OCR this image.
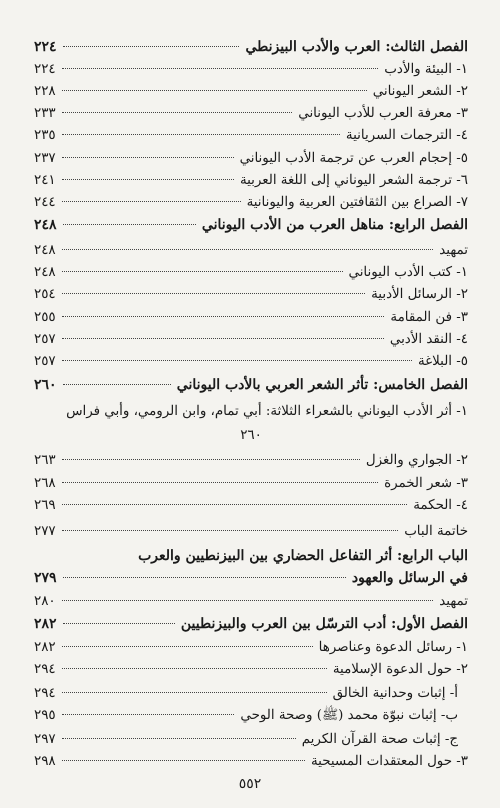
الفصل الثالث: العرب والأدب البيزنطي
٢٢٤
١- البيئة والأدب
٢٢٤
٢- الشعر اليوناني
٢٢٨
٣- معرفة العرب للأدب اليوناني
٢٣٣
٤- الترجمات السريانية
٢٣٥
٥- إحجام العرب عن ترجمة الأدب اليوناني
٢٣٧
٦- ترجمة الشعر اليوناني إلى اللغة العربية
٢٤١
٧- الصراع بين الثقافتين العربية واليونانية
٢٤٤
الفصل الرابع: مناهل العرب من الأدب اليوناني
٢٤٨
تمهيد
٢٤٨
١- كتب الأدب اليوناني
٢٤٨
٢- الرسائل الأدبية
٢٥٤
٣- فن المقامة
٢٥٥
٤- النقد الأدبي
٢٥٧
٥- البلاغة
٢٥٧
الفصل الخامس: تأثر الشعر العربي بالأدب اليوناني
٢٦٠
١- أثر الأدب اليوناني بالشعراء الثلاثة: أبي تمام، وابن الرومي، وأبي فراس
٢٦٠
٢- الجواري والغزل
٢٦٣
٣- شعر الخمرة
٢٦٨
٤- الحكمة
٢٦٩
خاتمة الباب
٢٧٧
الباب الرابع: أثر التفاعل الحضاري بين البيزنطيين والعرب
في الرسائل والعهود
٢٧٩
تمهيد
٢٨٠
الفصل الأول: أدب الترسّل بين العرب والبيزنطيين
٢٨٢
١- رسائل الدعوة وعناصرها
٢٨٢
٢- حول الدعوة الإسلامية
٢٩٤
أ- إثبات وحدانية الخالق
٢٩٤
ب- إثبات نبوّة محمد (ﷺ) وصحة الوحي
٢٩٥
ج- إثبات صحة القرآن الكريم
٢٩٧
٣- حول المعتقدات المسيحية
٢٩٨
٥٥٢
